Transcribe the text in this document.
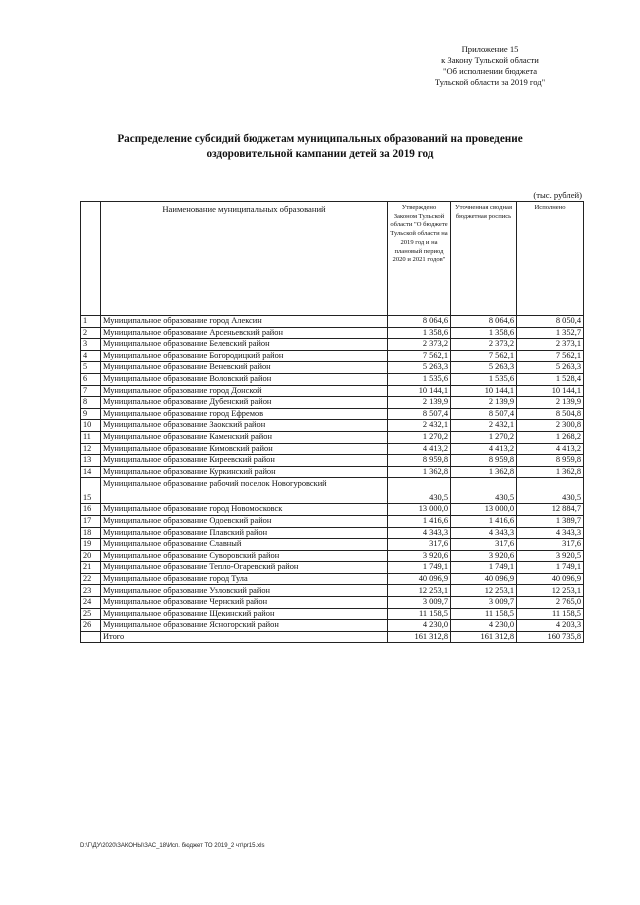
Приложение 15
к Закону Тульской области
"Об исполнении бюджета
Тульской области за 2019 год"
Распределение субсидий бюджетам муниципальных образований на проведение
оздоровительной кампании детей за 2019 год
(тыс. рублей)
	Наименование муниципальных образований	Утверждено Законом Тульской области "О бюджете Тульской области на 2019 год и на плановый период 2020 и 2021 годов"	Уточненная сводная бюджетная роспись	Исполнено
1	Муниципальное образование город Алексин	8 064,6	8 064,6	8 050,4
2	Муниципальное образование Арсеньевский район	1 358,6	1 358,6	1 352,7
3	Муниципальное образование Белевский район	2 373,2	2 373,2	2 373,1
4	Муниципальное образование Богородицкий район	7 562,1	7 562,1	7 562,1
5	Муниципальное образование Веневский район	5 263,3	5 263,3	5 263,3
6	Муниципальное образование Воловский район	1 535,6	1 535,6	1 528,4
7	Муниципальное образование город Донской	10 144,1	10 144,1	10 144,1
8	Муниципальное образование Дубенский район	2 139,9	2 139,9	2 139,9
9	Муниципальное образование город Ефремов	8 507,4	8 507,4	8 504,8
10	Муниципальное образование Заокский район	2 432,1	2 432,1	2 300,8
11	Муниципальное образование Каменский район	1 270,2	1 270,2	1 268,2
12	Муниципальное образование Кимовский район	4 413,2	4 413,2	4 413,2
13	Муниципальное образование Киреевский район	8 959,8	8 959,8	8 959,8
14	Муниципальное образование Куркинский район	1 362,8	1 362,8	1 362,8
15	Муниципальное образование рабочий поселок Новогуровский	430,5	430,5	430,5
16	Муниципальное образование город Новомосковск	13 000,0	13 000,0	12 884,7
17	Муниципальное образование Одоевский район	1 416,6	1 416,6	1 389,7
18	Муниципальное образование Плавский район	4 343,3	4 343,3	4 343,3
19	Муниципальное образование Славный	317,6	317,6	317,6
20	Муниципальное образование Суворовский район	3 920,6	3 920,6	3 920,5
21	Муниципальное образование Тепло-Огаревский район	1 749,1	1 749,1	1 749,1
22	Муниципальное образование город Тула	40 096,9	40 096,9	40 096,9
23	Муниципальное образование Узловский район	12 253,1	12 253,1	12 253,1
24	Муниципальное образование Чернский район	3 009,7	3 009,7	2 765,0
25	Муниципальное образование Щекинский район	11 158,5	11 158,5	11 158,5
26	Муниципальное образование Ясногорский район	4 230,0	4 230,0	4 203,3
	Итого	161 312,8	161 312,8	160 735,8
D:\Г\ДУ\2020\ЗАКОНЫ\ЗАС_18\Исп. бюджет ТО 2019_2 чт\pr15.xls
